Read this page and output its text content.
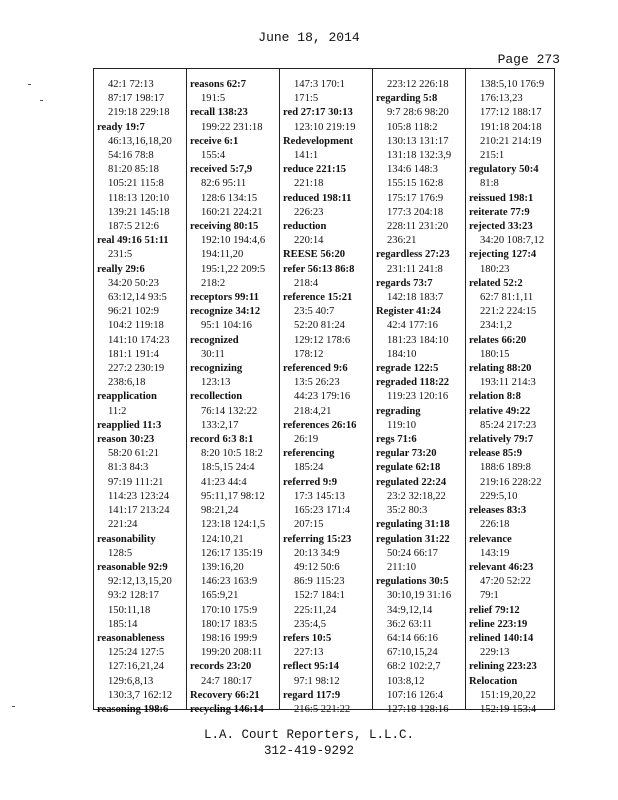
June 18, 2014
Page 273
42:1 72:13
87:17 198:17
219:18 229:18
ready 19:7
46:13,16,18,20
54:16 78:8
81:20 85:18
105:21 115:8
118:13 120:10
139:21 145:18
187:5 212:6
real 49:16 51:11
231:5
really 29:6
34:20 50:23
63:12,14 93:5
96:21 102:9
104:2 119:18
141:10 174:23
181:1 191:4
227:2 230:19
238:6,18
reapplication
11:2
reapplied 11:3
reason 30:23
58:20 61:21
81:3 84:3
97:19 111:21
114:23 123:24
141:17 213:24
221:24
reasonability
128:5
reasonable 92:9
92:12,13,15,20
93:2 128:17
150:11,18
185:14
reasonableness
125:24 127:5
127:16,21,24
129:6,8,13
130:3,7 162:12
reasoning 198:6
reasons 62:7
191:5
recall 138:23
199:22 231:18
receive 6:1
155:4
received 5:7,9
82:6 95:11
128:6 134:15
160:21 224:21
receiving 80:15
192:10 194:4,6
194:11,20
195:1,22 209:5
218:2
receptors 99:11
recognize 34:12
95:1 104:16
recognized
30:11
recognizing
123:13
recollection
76:14 132:22
133:2,17
record 6:3 8:1
8:20 10:5 18:2
18:5,15 24:4
41:23 44:4
95:11,17 98:12
98:21,24
123:18 124:1,5
124:10,21
126:17 135:19
139:16,20
146:23 163:9
165:9,21
170:10 175:9
180:17 183:5
198:16 199:9
199:20 208:11
records 23:20
24:7 180:17
Recovery 66:21
recycling 146:14
147:3 170:1
171:5
red 27:17 30:13
123:10 219:19
Redevelopment
141:1
reduce 221:15
221:18
reduced 198:11
226:23
reduction
220:14
REESE 56:20
refer 56:13 86:8
218:4
reference 15:21
23:5 40:7
52:20 81:24
129:12 178:6
178:12
referenced 9:6
13:5 26:23
44:23 179:16
218:4,21
references 26:16
26:19
referencing
185:24
referred 9:9
17:3 145:13
165:23 171:4
207:15
referring 15:23
20:13 34:9
49:12 50:6
86:9 115:23
152:7 184:1
225:11,24
235:4,5
refers 10:5
227:13
reflect 95:14
97:1 98:12
regard 117:9
216:5 221:22
223:12 226:18
regarding 5:8
9:7 28:6 98:20
105:8 118:2
130:13 131:17
131:18 132:3,9
134:6 148:3
155:15 162:8
175:17 176:9
177:3 204:18
228:11 231:20
236:21
regardless 27:23
231:11 241:8
regards 73:7
142:18 183:7
Register 41:24
42:4 177:16
181:23 184:10
184:10
regrade 122:5
regraded 118:22
119:23 120:16
regrading
119:10
regs 71:6
regular 73:20
regulate 62:18
regulated 22:24
23:2 32:18,22
35:2 80:3
regulating 31:18
regulation 31:22
50:24 66:17
211:10
regulations 30:5
30:10,19 31:16
34:9,12,14
36:2 63:11
64:14 66:16
67:10,15,24
68:2 102:2,7
103:8,12
107:16 126:4
127:18 128:16
138:5,10 176:9
176:13,23
177:12 188:17
191:18 204:18
210:21 214:19
215:1
regulatory 50:4
81:8
reissued 198:1
reiterate 77:9
rejected 33:23
34:20 108:7,12
rejecting 127:4
180:23
related 52:2
62:7 81:1,11
221:2 224:15
234:1,2
relates 66:20
180:15
relating 88:20
193:11 214:3
relation 8:8
relative 49:22
85:24 217:23
relatively 79:7
release 85:9
188:6 189:8
219:16 228:22
229:5,10
releases 83:3
226:18
relevance
143:19
relevant 46:23
47:20 52:22
79:1
relief 79:12
reline 223:19
relined 140:14
229:13
relining 223:23
Relocation
151:19,20,22
152:19 153:4
L.A. Court Reporters, L.L.C.
312-419-9292
